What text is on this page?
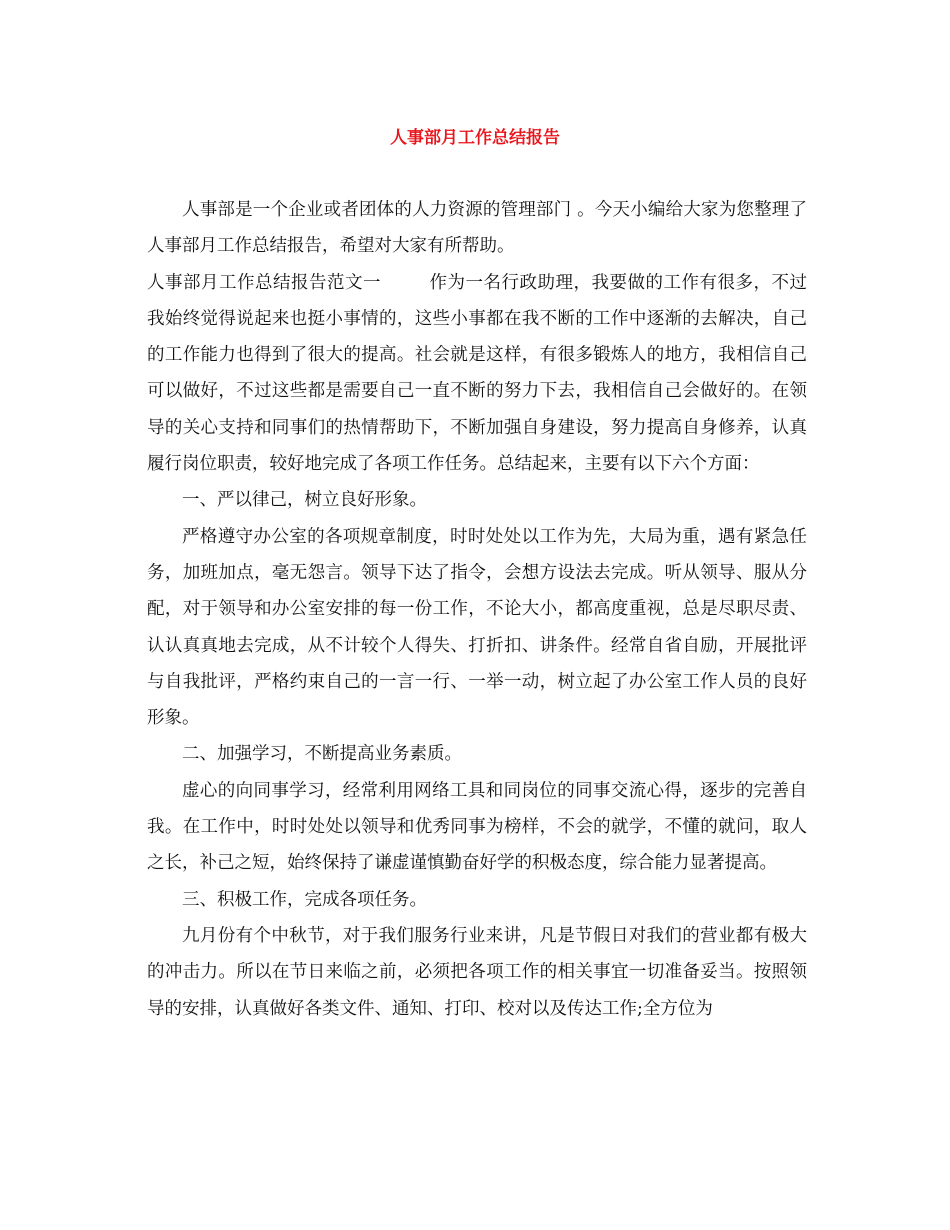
人事部月工作总结报告

人事部是一个企业或者团体的人力资源的管理部门 。今天小编给大家为您整理了人事部月工作总结报告，希望对大家有所帮助。

人事部月工作总结报告范文一	作为一名行政助理，我要做的工作有很多，不过我始终觉得说起来也挺小事情的，这些小事都在我不断的工作中逐渐的去解决，自己的工作能力也得到了很大的提高。社会就是这样，有很多锻炼人的地方，我相信自己可以做好，不过这些都是需要自己一直不断的努力下去，我相信自己会做好的。在领导的关心支持和同事们的热情帮助下，不断加强自身建设，努力提高自身修养，认真履行岗位职责，较好地完成了各项工作任务。总结起来，主要有以下六个方面：

一、严以律己，树立良好形象。

严格遵守办公室的各项规章制度，时时处处以工作为先，大局为重，遇有紧急任务，加班加点，毫无怨言。领导下达了指令，会想方设法去完成。听从领导、服从分配，对于领导和办公室安排的每一份工作，不论大小，都高度重视，总是尽职尽责、认认真真地去完成，从不计较个人得失、打折扣、讲条件。经常自省自励，开展批评与自我批评，严格约束自己的一言一行、一举一动，树立起了办公室工作人员的良好形象。

二、加强学习，不断提高业务素质。

虚心的向同事学习，经常利用网络工具和同岗位的同事交流心得，逐步的完善自我。在工作中，时时处处以领导和优秀同事为榜样，不会的就学，不懂的就问，取人之长，补己之短，始终保持了谦虚谨慎勤奋好学的积极态度，综合能力显著提高。

三、积极工作，完成各项任务。

九月份有个中秋节，对于我们服务行业来讲，凡是节假日对我们的营业都有极大的冲击力。所以在节日来临之前，必须把各项工作的相关事宜一切准备妥当。按照领导的安排，认真做好各类文件、通知、打印、校对以及传达工作;全方位为
